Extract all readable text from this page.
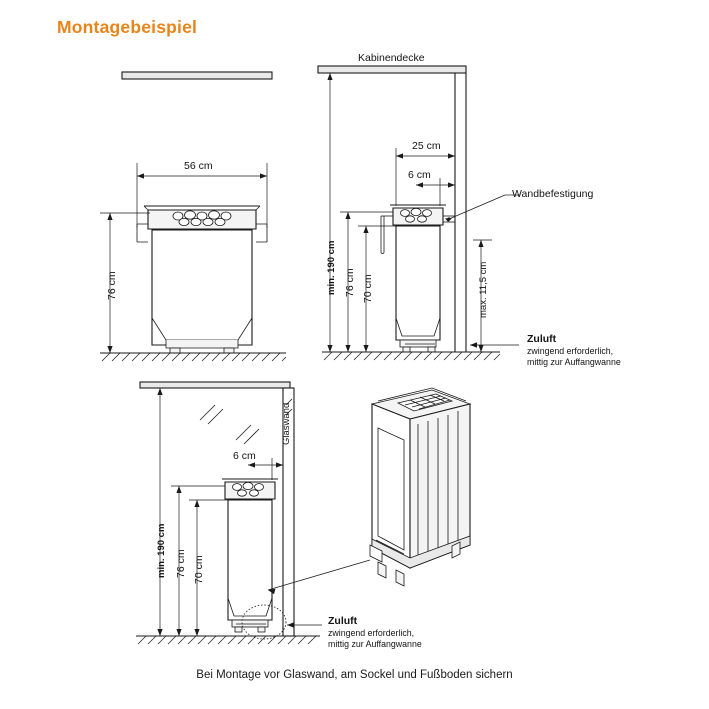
Montagebeispiel
56 cm
76 cm
Kabinendecke
min. 190 cm 76 cm 70 cm
25 cm
6 cm
max. 11,5 cm
Wandbefestigung
Zuluft
zwingend erforderlich,
mittig zur Auffangwanne
Glaswand
min. 190 cm 76 cm 70 cm
6 cm
Zuluft
zwingend erforderlich,
mittig zur Auffangwanne
Bei Montage vor Glaswand, am Sockel und Fußboden sichern
